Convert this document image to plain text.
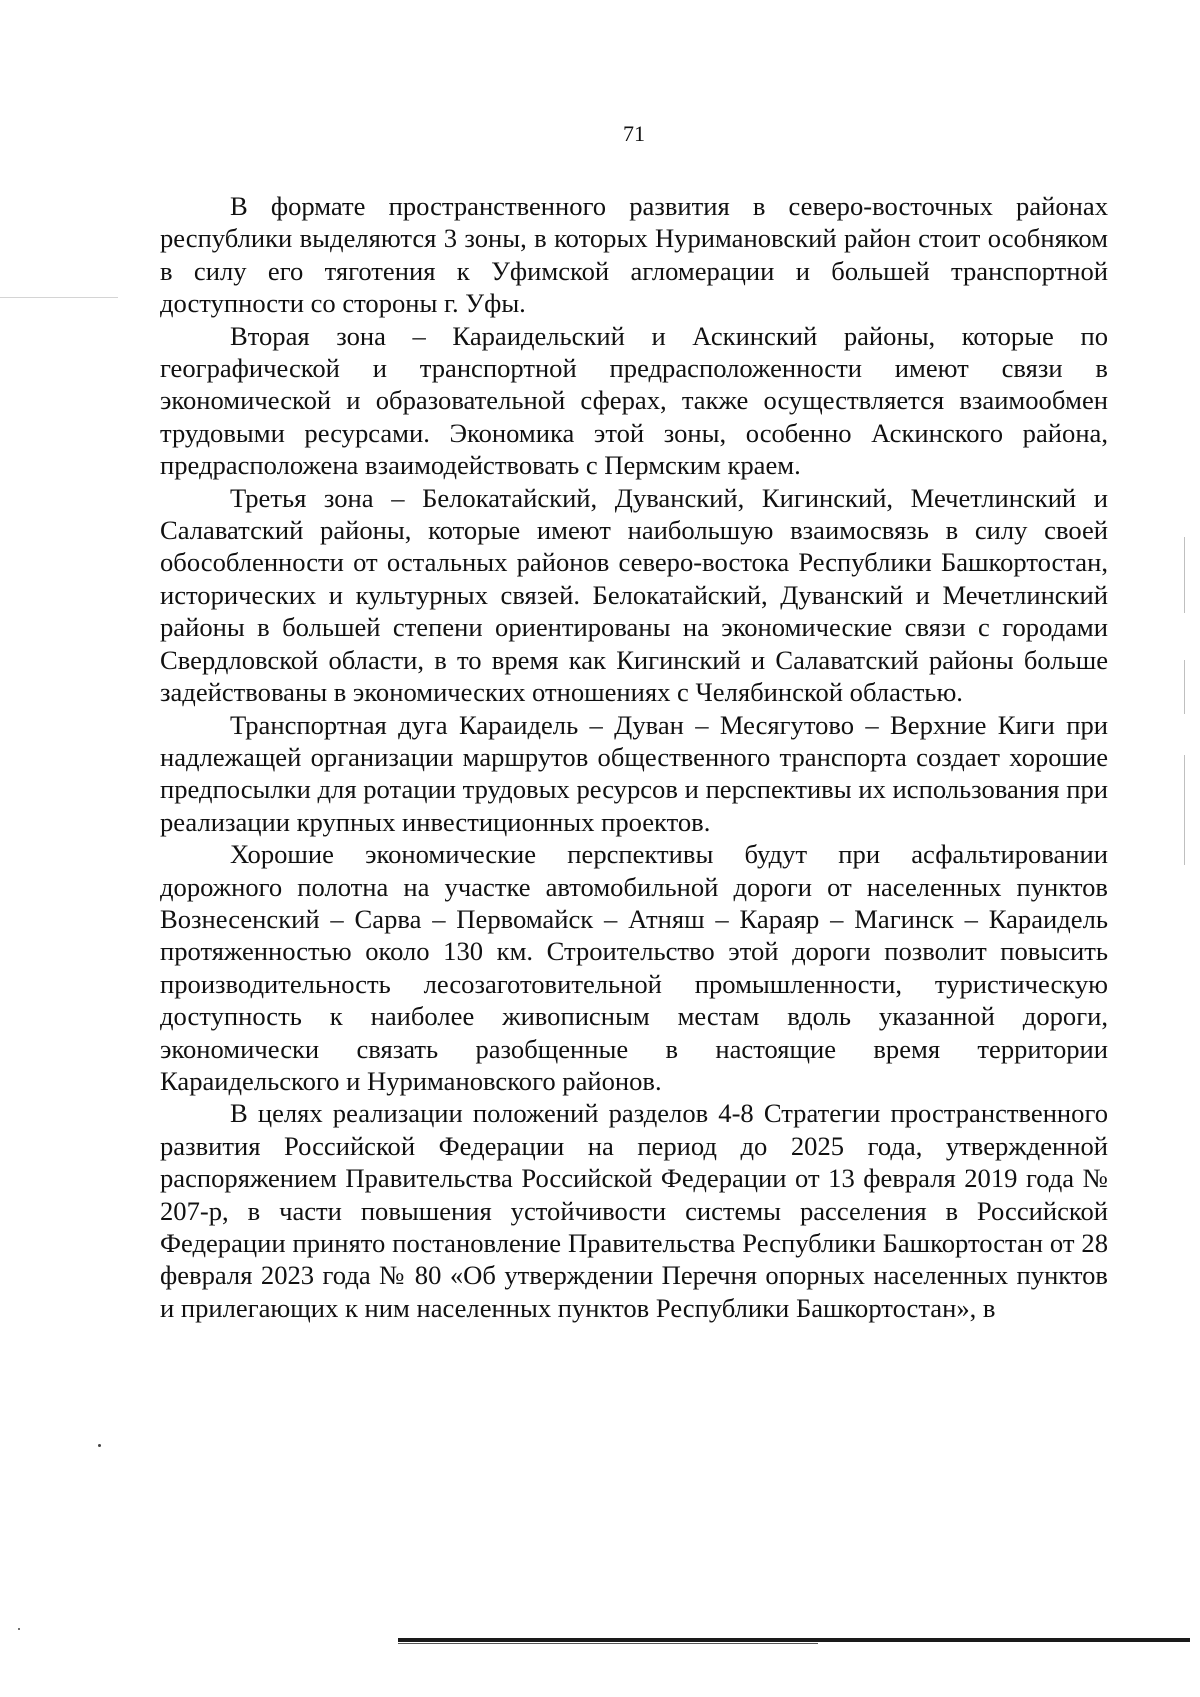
71

В формате пространственного развития в северо-восточных районах республики выделяются 3 зоны, в которых Нуримановский район стоит особняком в силу его тяготения к Уфимской агломерации и большей транспортной доступности со стороны г. Уфы.

Вторая зона – Караидельский и Аскинский районы, которые по географической и транспортной предрасположенности имеют связи в экономической и образовательной сферах, также осуществляется взаимообмен трудовыми ресурсами. Экономика этой зоны, особенно Аскинского района, предрасположена взаимодействовать с Пермским краем.

Третья зона – Белокатайский, Дуванский, Кигинский, Мечетлинский и Салаватский районы, которые имеют наибольшую взаимосвязь в силу своей обособленности от остальных районов северо-востока Республики Башкортостан, исторических и культурных связей. Белокатайский, Дуванский и Мечетлинский районы в большей степени ориентированы на экономические связи с городами Свердловской области, в то время как Кигинский и Салаватский районы больше задействованы в экономических отношениях с Челябинской областью.

Транспортная дуга Караидель – Дуван – Месягутово – Верхние Киги при надлежащей организации маршрутов общественного транспорта создает хорошие предпосылки для ротации трудовых ресурсов и перспективы их использования при реализации крупных инвестиционных проектов.

Хорошие экономические перспективы будут при асфальтировании дорожного полотна на участке автомобильной дороги от населенных пунктов Вознесенский – Сарва – Первомайск – Атняш – Караяр – Магинск – Караидель протяженностью около 130 км. Строительство этой дороги позволит повысить производительность лесозаготовительной промышленности, туристическую доступность к наиболее живописным местам вдоль указанной дороги, экономически связать разобщенные в настоящие время территории Караидельского и Нуримановского районов.

В целях реализации положений разделов 4-8 Стратегии пространственного развития Российской Федерации на период до 2025 года, утвержденной распоряжением Правительства Российской Федерации от 13 февраля 2019 года № 207-р, в части повышения устойчивости системы расселения в Российской Федерации принято постановление Правительства Республики Башкортостан от 28 февраля 2023 года № 80 «Об утверждении Перечня опорных населенных пунктов и прилегающих к ним населенных пунктов Республики Башкортостан», в
